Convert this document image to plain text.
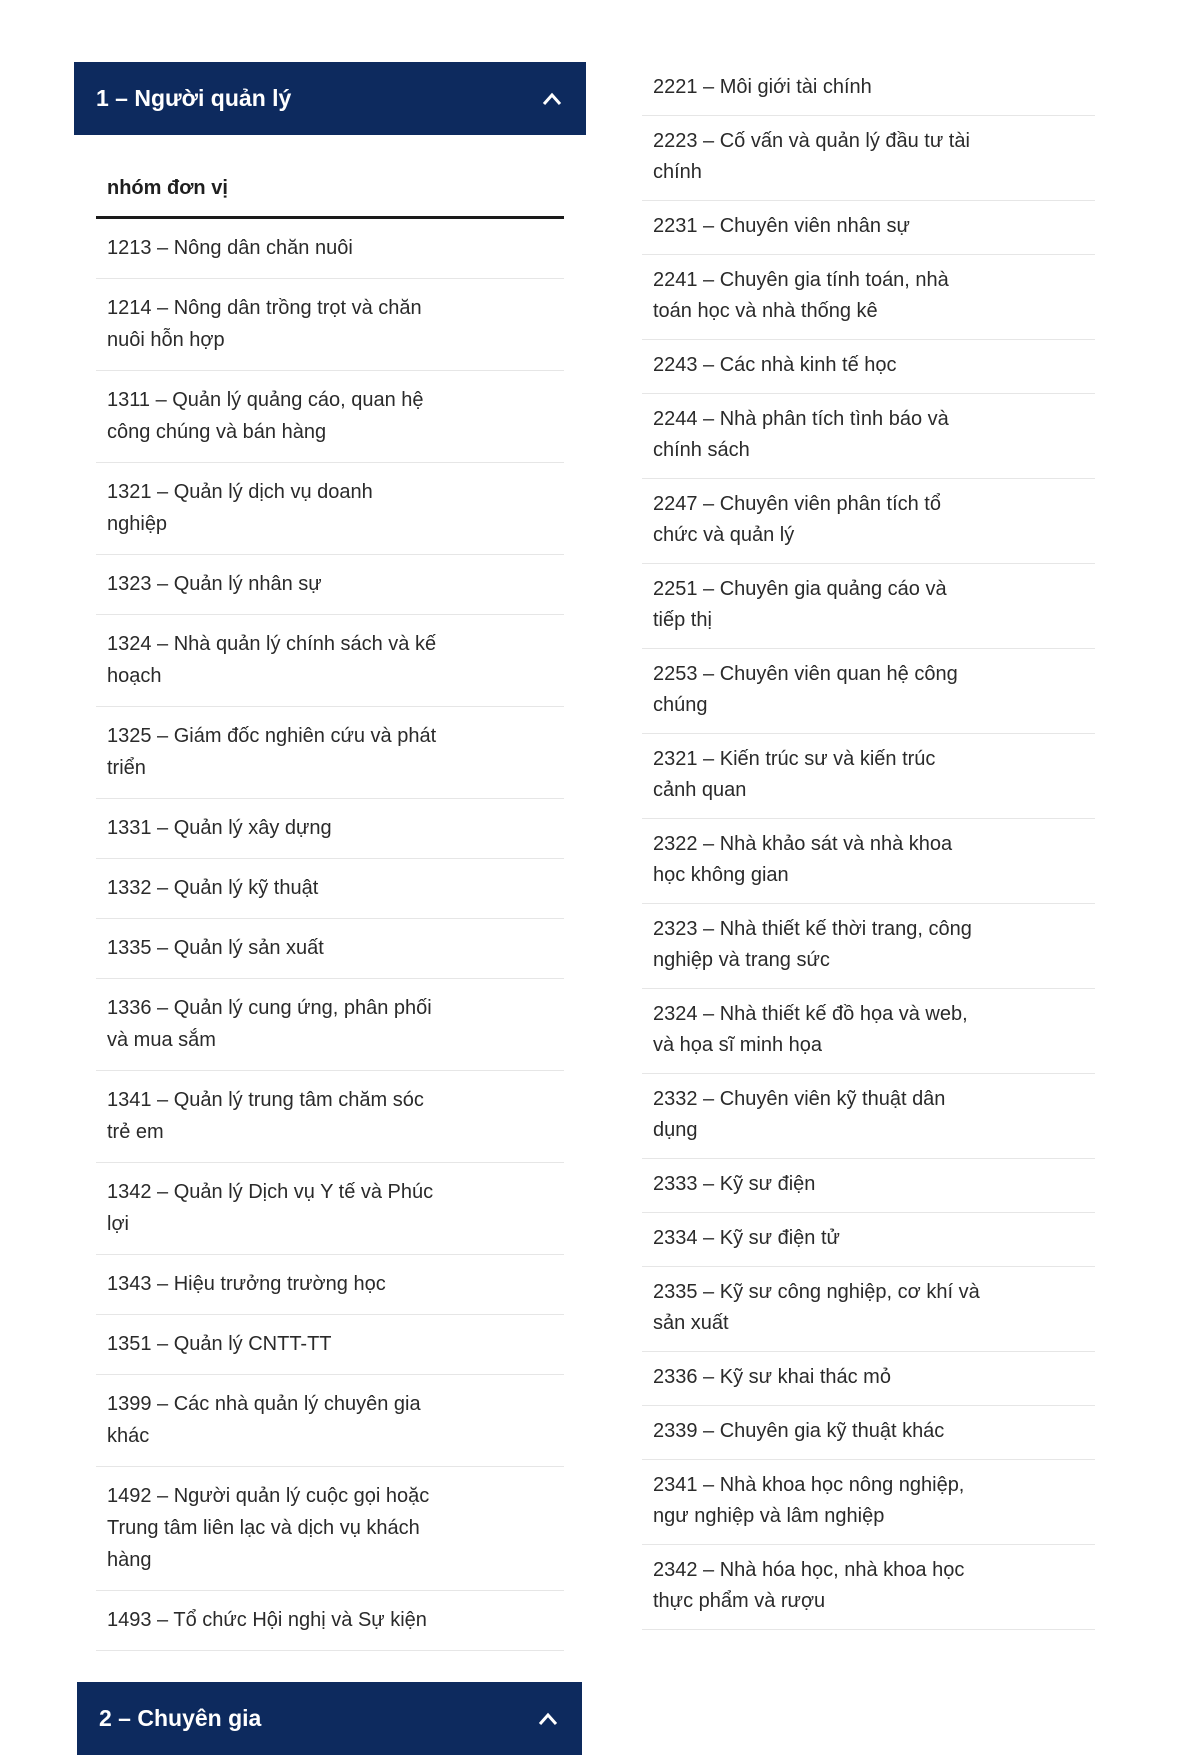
1 – Người quản lý
nhóm đơn vị
1213 – Nông dân chăn nuôi
1214 – Nông dân trồng trọt và chăn nuôi hỗn hợp
1311 – Quản lý quảng cáo, quan hệ công chúng và bán hàng
1321 – Quản lý dịch vụ doanh nghiệp
1323 – Quản lý nhân sự
1324 – Nhà quản lý chính sách và kế hoạch
1325 – Giám đốc nghiên cứu và phát triển
1331 – Quản lý xây dựng
1332 – Quản lý kỹ thuật
1335 – Quản lý sản xuất
1336 – Quản lý cung ứng, phân phối và mua sắm
1341 – Quản lý trung tâm chăm sóc trẻ em
1342 – Quản lý Dịch vụ Y tế và Phúc lợi
1343 – Hiệu trưởng trường học
1351 – Quản lý CNTT-TT
1399 – Các nhà quản lý chuyên gia khác
1492 – Người quản lý cuộc gọi hoặc Trung tâm liên lạc và dịch vụ khách hàng
1493 – Tổ chức Hội nghị và Sự kiện
2 – Chuyên gia
2221 – Môi giới tài chính
2223 – Cố vấn và quản lý đầu tư tài chính
2231 – Chuyên viên nhân sự
2241 – Chuyên gia tính toán, nhà toán học và nhà thống kê
2243 – Các nhà kinh tế học
2244 – Nhà phân tích tình báo và chính sách
2247 – Chuyên viên phân tích tổ chức và quản lý
2251 – Chuyên gia quảng cáo và tiếp thị
2253 – Chuyên viên quan hệ công chúng
2321 – Kiến trúc sư và kiến trúc cảnh quan
2322 – Nhà khảo sát và nhà khoa học không gian
2323 – Nhà thiết kế thời trang, công nghiệp và trang sức
2324 – Nhà thiết kế đồ họa và web, và họa sĩ minh họa
2332 – Chuyên viên kỹ thuật dân dụng
2333 – Kỹ sư điện
2334 – Kỹ sư điện tử
2335 – Kỹ sư công nghiệp, cơ khí và sản xuất
2336 – Kỹ sư khai thác mỏ
2339 – Chuyên gia kỹ thuật khác
2341 – Nhà khoa học nông nghiệp, ngư nghiệp và lâm nghiệp
2342 – Nhà hóa học, nhà khoa học thực phẩm và rượu
